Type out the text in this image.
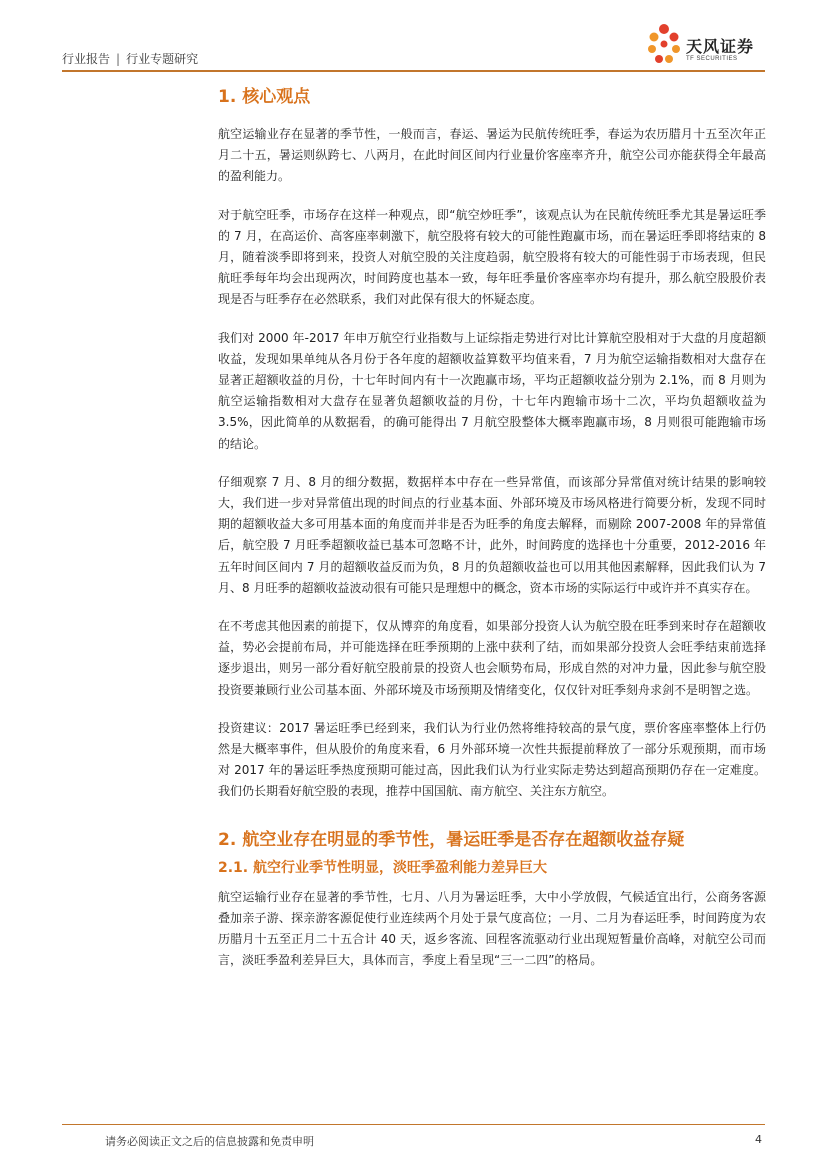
行业报告 | 行业专题研究
天风证券
TF SECURITIES
1. 核心观点

航空运输业存在显著的季节性，一般而言，春运、暑运为民航传统旺季，春运为农历腊月十五至次年正月二十五，暑运则纵跨七、八两月，在此时间区间内行业量价客座率齐升，航空公司亦能获得全年最高的盈利能力。

对于航空旺季，市场存在这样一种观点，即“航空炒旺季”，该观点认为在民航传统旺季尤其是暑运旺季的 7 月，在高运价、高客座率刺激下，航空股将有较大的可能性跑赢市场，而在暑运旺季即将结束的 8 月，随着淡季即将到来，投资人对航空股的关注度趋弱，航空股将有较大的可能性弱于市场表现，但民航旺季每年均会出现两次，时间跨度也基本一致，每年旺季量价客座率亦均有提升，那么航空股股价表现是否与旺季存在必然联系，我们对此保有很大的怀疑态度。

我们对 2000 年-2017 年申万航空行业指数与上证综指走势进行对比计算航空股相对于大盘的月度超额收益，发现如果单纯从各月份于各年度的超额收益算数平均值来看，7 月为航空运输指数相对大盘存在显著正超额收益的月份，十七年时间内有十一次跑赢市场，平均正超额收益分别为 2.1%，而 8 月则为航空运输指数相对大盘存在显著负超额收益的月份，十七年内跑输市场十二次，平均负超额收益为 3.5%，因此简单的从数据看，的确可能得出 7 月航空股整体大概率跑赢市场，8 月则很可能跑输市场的结论。

仔细观察 7 月、8 月的细分数据，数据样本中存在一些异常值，而该部分异常值对统计结果的影响较大，我们进一步对异常值出现的时间点的行业基本面、外部环境及市场风格进行简要分析，发现不同时期的超额收益大多可用基本面的角度而并非是否为旺季的角度去解释，而剔除 2007-2008 年的异常值后，航空股 7 月旺季超额收益已基本可忽略不计，此外，时间跨度的选择也十分重要，2012-2016 年五年时间区间内 7 月的超额收益反而为负，8 月的负超额收益也可以用其他因素解释，因此我们认为 7 月、8 月旺季的超额收益波动很有可能只是理想中的概念，资本市场的实际运行中或许并不真实存在。

在不考虑其他因素的前提下，仅从博弈的角度看，如果部分投资人认为航空股在旺季到来时存在超额收益，势必会提前布局，并可能选择在旺季预期的上涨中获利了结，而如果部分投资人会旺季结束前选择逐步退出，则另一部分看好航空股前景的投资人也会顺势布局，形成自然的对冲力量，因此参与航空股投资要兼顾行业公司基本面、外部环境及市场预期及情绪变化，仅仅针对旺季刻舟求剑不是明智之选。

投资建议：2017 暑运旺季已经到来，我们认为行业仍然将维持较高的景气度，票价客座率整体上行仍然是大概率事件，但从股价的角度来看，6 月外部环境一次性共振提前释放了一部分乐观预期，而市场对 2017 年的暑运旺季热度预期可能过高，因此我们认为行业实际走势达到超高预期仍存在一定难度。我们仍长期看好航空股的表现，推荐中国国航、南方航空、关注东方航空。

2. 航空业存在明显的季节性，暑运旺季是否存在超额收益存疑
2.1. 航空行业季节性明显，淡旺季盈利能力差异巨大

航空运输行业存在显著的季节性，七月、八月为暑运旺季，大中小学放假，气候适宜出行，公商务客源叠加亲子游、探亲游客源促使行业连续两个月处于景气度高位；一月、二月为春运旺季，时间跨度为农历腊月十五至正月二十五合计 40 天，返乡客流、回程客流驱动行业出现短暂量价高峰，对航空公司而言，淡旺季盈利差异巨大，具体而言，季度上看呈现“三一二四”的格局。

请务必阅读正文之后的信息披露和免责申明	4
